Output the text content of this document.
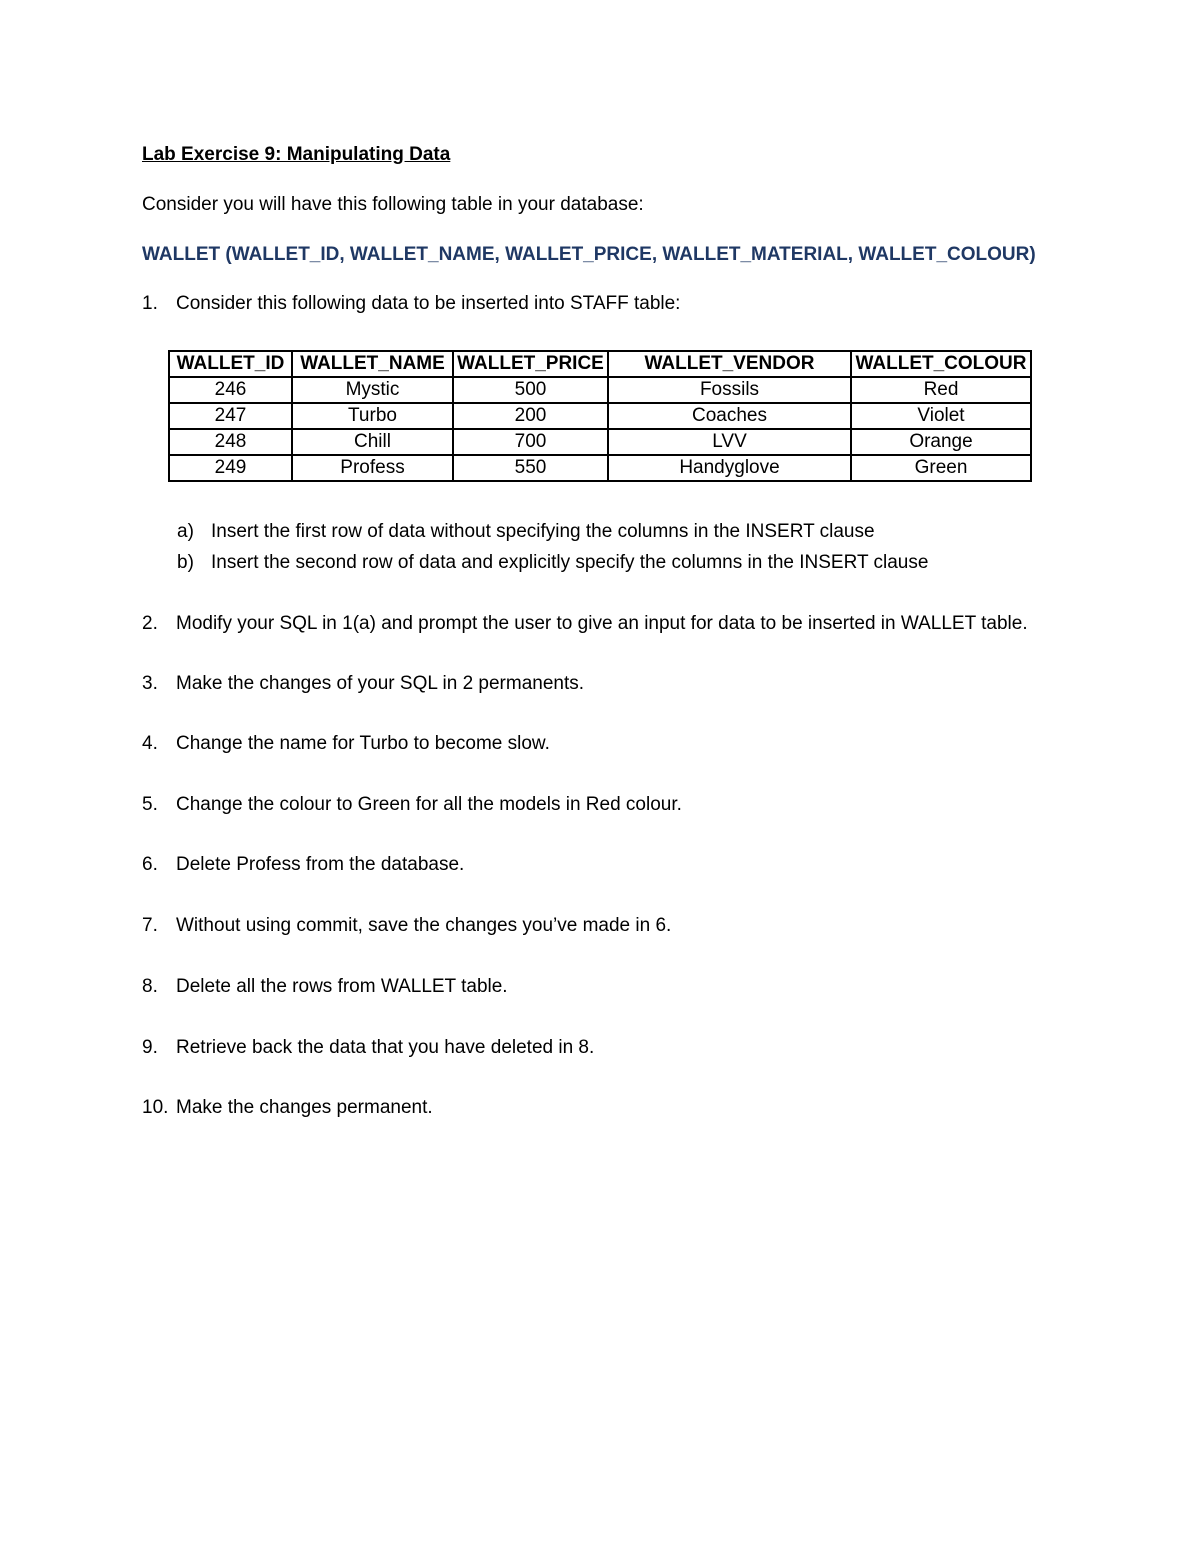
Lab Exercise 9: Manipulating Data
Consider you will have this following table in your database:
WALLET (WALLET_ID, WALLET_NAME, WALLET_PRICE, WALLET_MATERIAL, WALLET_COLOUR)
1. Consider this following data to be inserted into STAFF table:
WALLET_ID	WALLET_NAME	WALLET_PRICE	WALLET_VENDOR	WALLET_COLOUR
246	Mystic	500	Fossils	Red
247	Turbo	200	Coaches	Violet
248	Chill	700	LVV	Orange
249	Profess	550	Handyglove	Green
a) Insert the first row of data without specifying the columns in the INSERT clause
b) Insert the second row of data and explicitly specify the columns in the INSERT clause
2. Modify your SQL in 1(a) and prompt the user to give an input for data to be inserted in WALLET table.
3. Make the changes of your SQL in 2 permanents.
4. Change the name for Turbo to become slow.
5. Change the colour to Green for all the models in Red colour.
6. Delete Profess from the database.
7. Without using commit, save the changes you’ve made in 6.
8. Delete all the rows from WALLET table.
9. Retrieve back the data that you have deleted in 8.
10. Make the changes permanent.
